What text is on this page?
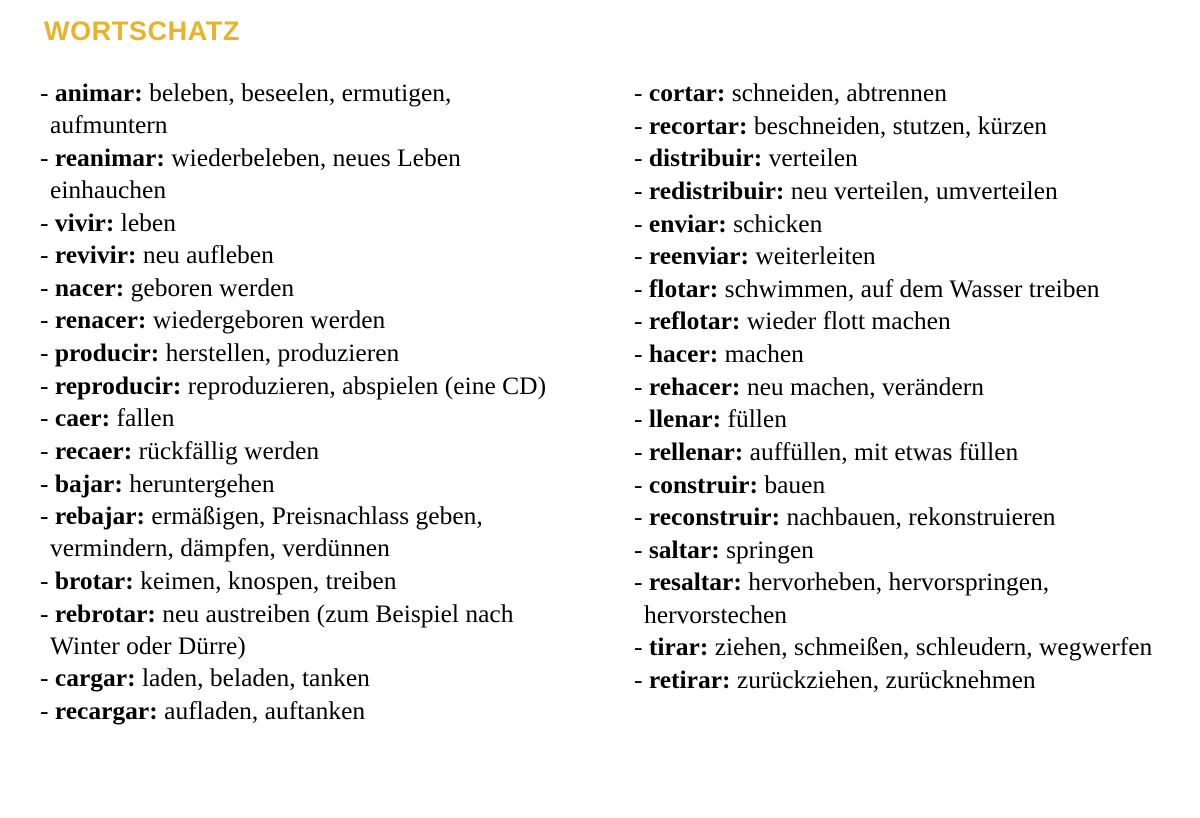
WORTSCHATZ

- animar: beleben, beseelen, ermutigen, aufmuntern

- reanimar: wiederbeleben, neues Leben einhauchen

- vivir: leben

- revivir: neu aufleben

- nacer: geboren werden

- renacer: wiedergeboren werden

- producir: herstellen, produzieren

- reproducir: reproduzieren, abspielen (eine CD)

- caer: fallen

- recaer: rückfällig werden

- bajar: heruntergehen

- rebajar: ermäßigen, Preisnachlass geben, vermindern, dämpfen, verdünnen

- brotar: keimen, knospen, treiben

- rebrotar: neu austreiben (zum Beispiel nach Winter oder Dürre)

- cargar: laden, beladen, tanken

- recargar: aufladen, auftanken

- cortar: schneiden, abtrennen

- recortar: beschneiden, stutzen, kürzen

- distribuir: verteilen

- redistribuir: neu verteilen, umverteilen

- enviar: schicken

- reenviar: weiterleiten

- flotar: schwimmen, auf dem Wasser treiben

- reflotar: wieder flott machen

- hacer: machen

- rehacer: neu machen, verändern

- llenar: füllen

- rellenar: auffüllen, mit etwas füllen

- construir: bauen

- reconstruir: nachbauen, rekonstruieren

- saltar: springen

- resaltar: hervorheben, hervorspringen, hervorstechen

- tirar: ziehen, schmeißen, schleudern, wegwerfen

- retirar: zurückziehen, zurücknehmen
